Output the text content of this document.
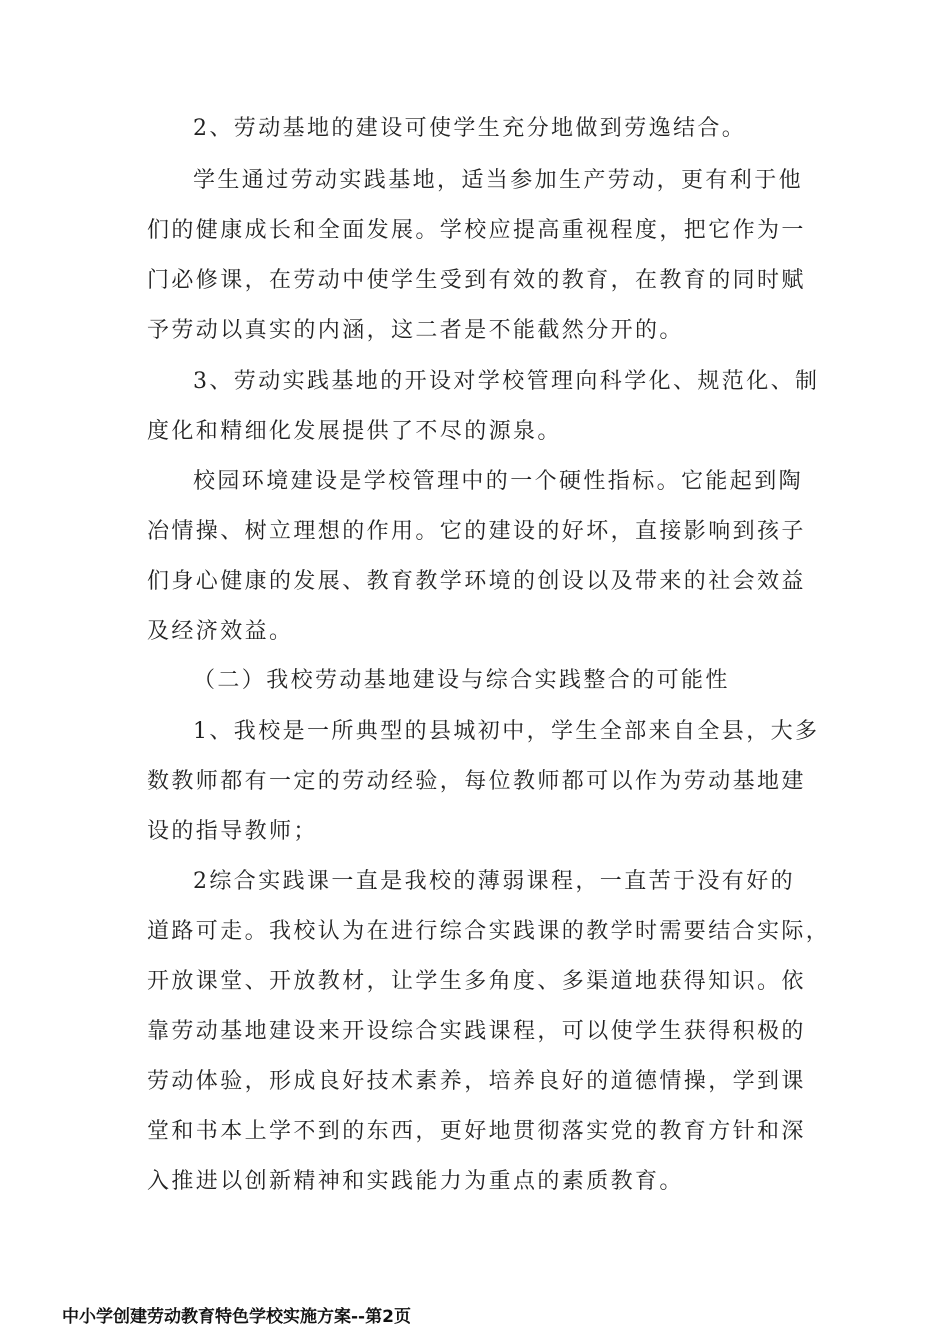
2、劳动基地的建设可使学生充分地做到劳逸结合。
学生通过劳动实践基地，适当参加生产劳动，更有利于他
们的健康成长和全面发展。学校应提高重视程度，把它作为一
门必修课，在劳动中使学生受到有效的教育，在教育的同时赋
予劳动以真实的内涵，这二者是不能截然分开的。
3、劳动实践基地的开设对学校管理向科学化、规范化、制
度化和精细化发展提供了不尽的源泉。
校园环境建设是学校管理中的一个硬性指标。它能起到陶
冶情操、树立理想的作用。它的建设的好坏，直接影响到孩子
们身心健康的发展、教育教学环境的创设以及带来的社会效益
及经济效益。
（二）我校劳动基地建设与综合实践整合的可能性
1、我校是一所典型的县城初中，学生全部来自全县，大多
数教师都有一定的劳动经验，每位教师都可以作为劳动基地建
设的指导教师；
2综合实践课一直是我校的薄弱课程，一直苦于没有好的
道路可走。我校认为在进行综合实践课的教学时需要结合实际，
开放课堂、开放教材，让学生多角度、多渠道地获得知识。依
靠劳动基地建设来开设综合实践课程，可以使学生获得积极的
劳动体验，形成良好技术素养，培养良好的道德情操，学到课
堂和书本上学不到的东西，更好地贯彻落实党的教育方针和深
入推进以创新精神和实践能力为重点的素质教育。
中小学创建劳动教育特色学校实施方案--第2页
